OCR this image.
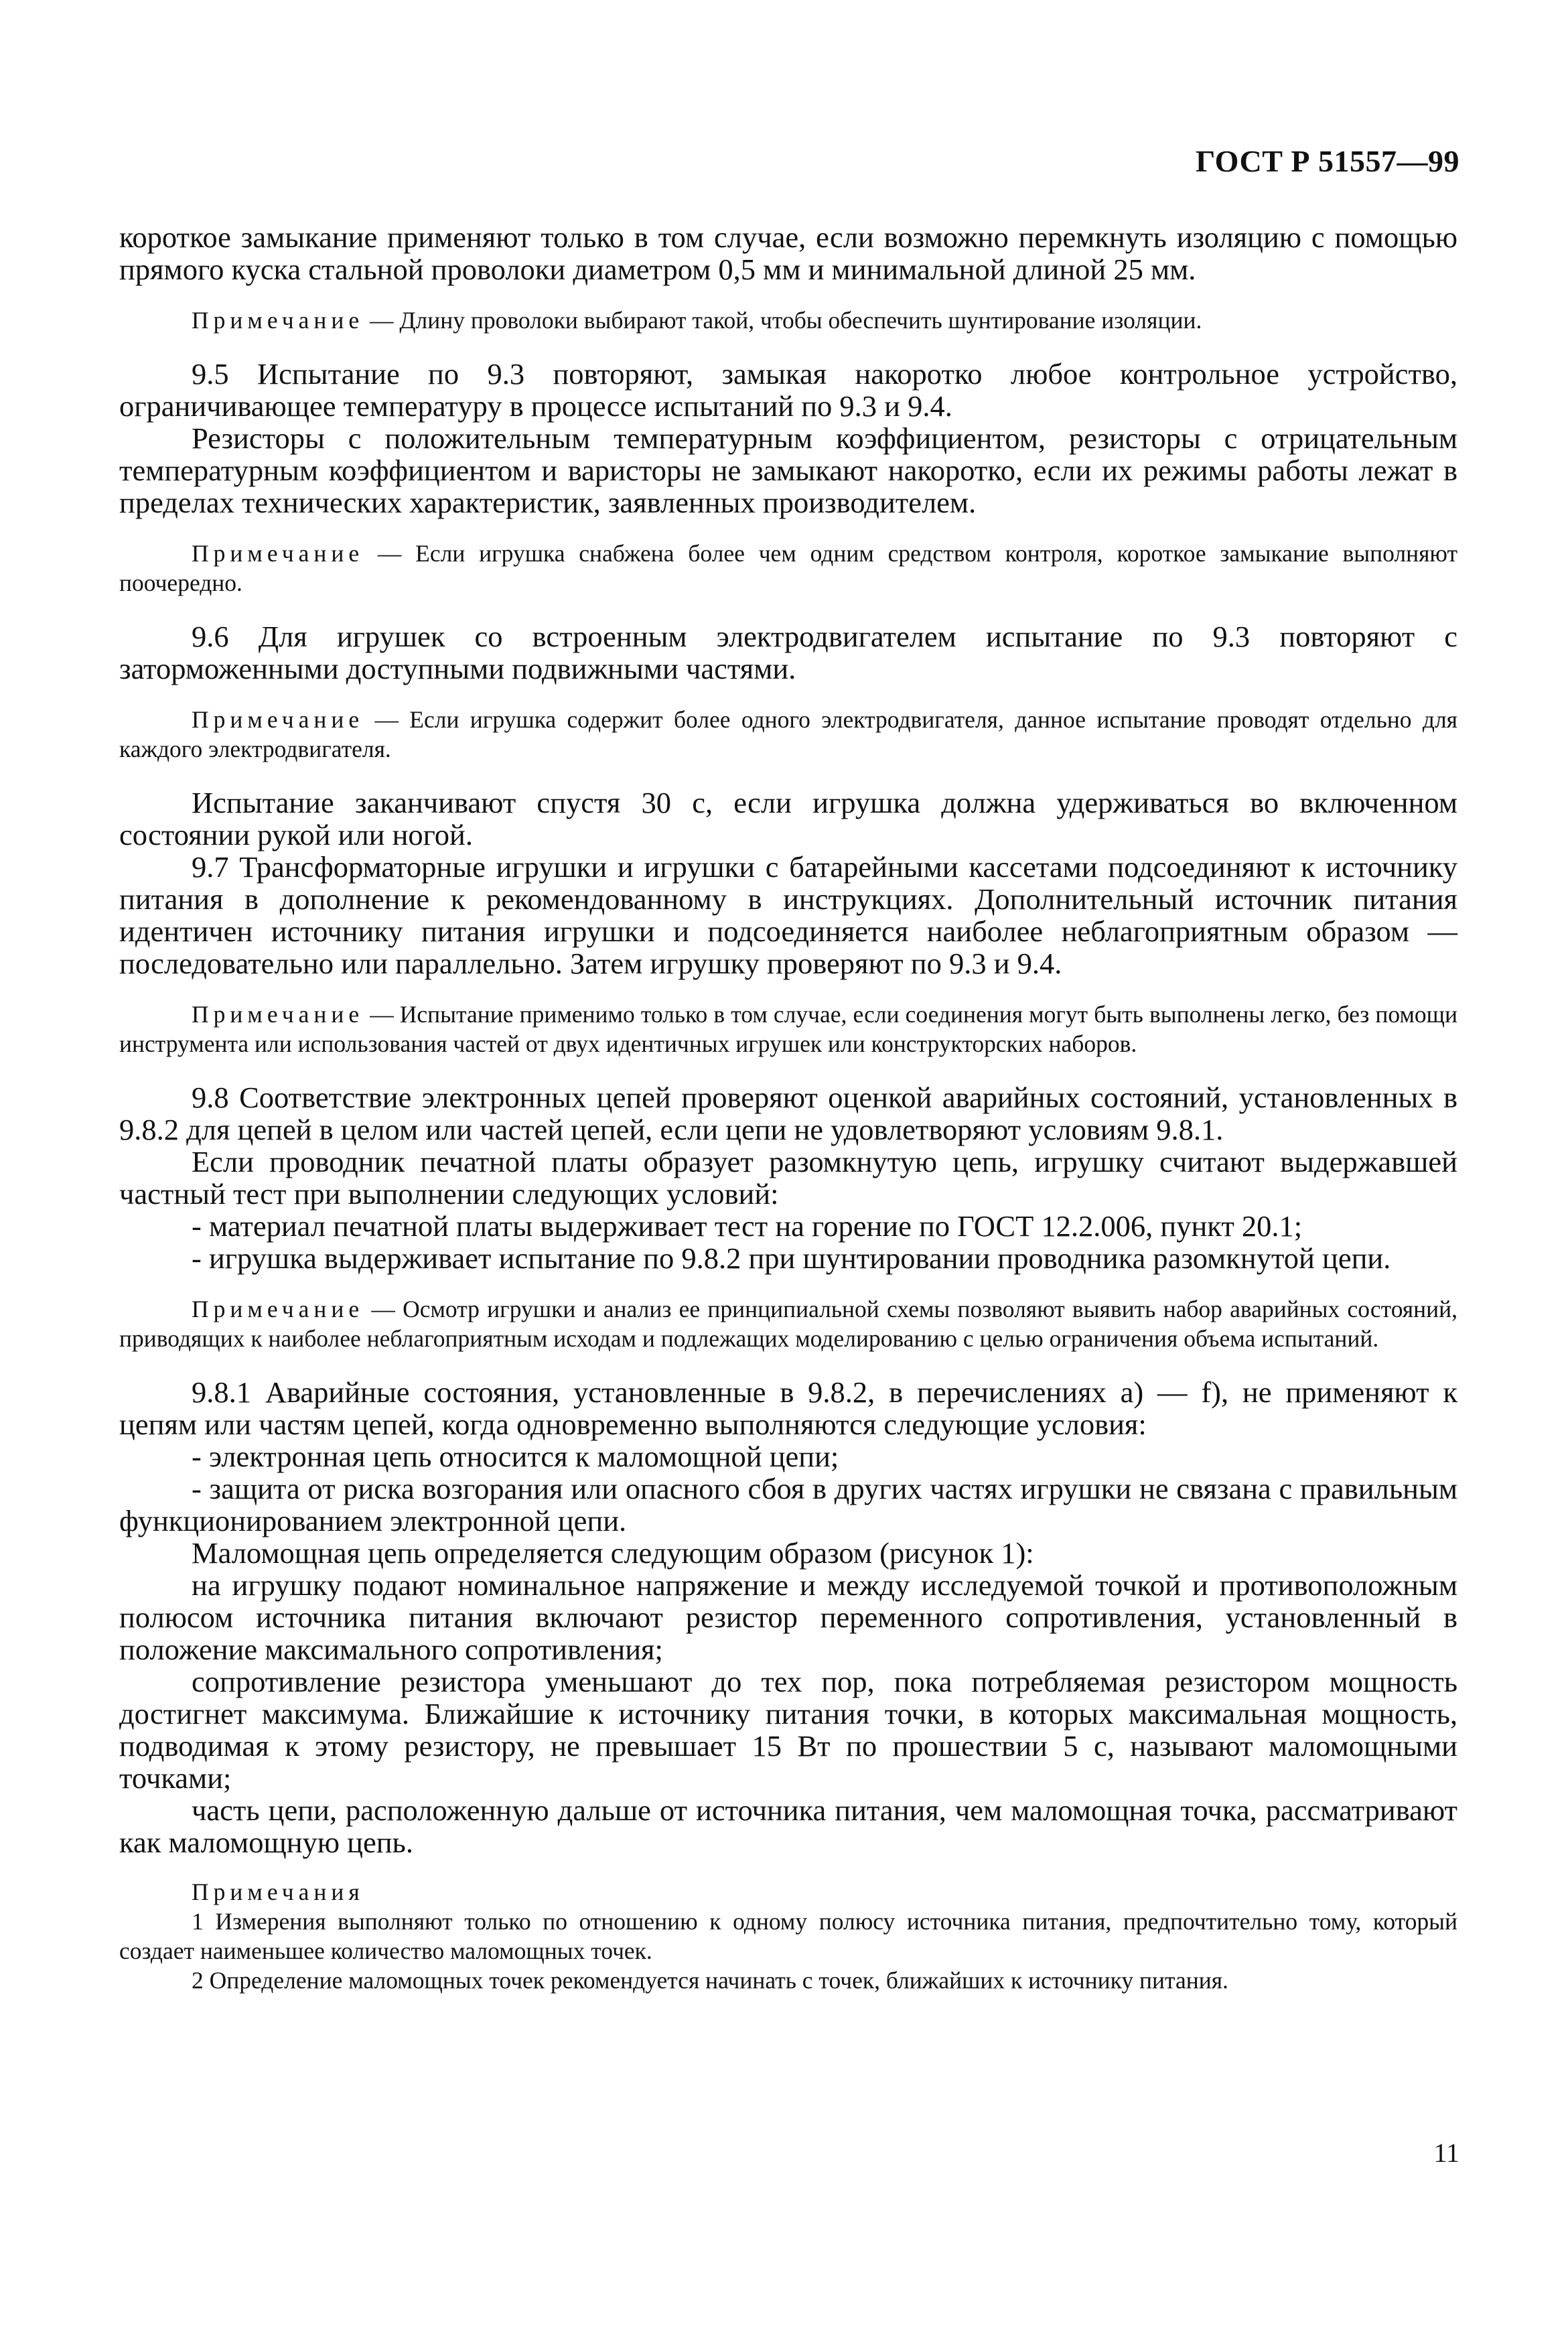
ГОСТ Р 51557—99

короткое замыкание применяют только в том случае, если возможно перемкнуть изоляцию с помощью прямого куска стальной проволоки диаметром 0,5 мм и минимальной длиной 25 мм.

Примечание — Длину проволоки выбирают такой, чтобы обеспечить шунтирование изоляции.

9.5 Испытание по 9.3 повторяют, замыкая накоротко любое контрольное устройство, ограничивающее температуру в процессе испытаний по 9.3 и 9.4.

Резисторы с положительным температурным коэффициентом, резисторы с отрицательным температурным коэффициентом и варисторы не замыкают накоротко, если их режимы работы лежат в пределах технических характеристик, заявленных производителем.

Примечание — Если игрушка снабжена более чем одним средством контроля, короткое замыкание выполняют поочередно.

9.6 Для игрушек со встроенным электродвигателем испытание по 9.3 повторяют с заторможенными доступными подвижными частями.

Примечание — Если игрушка содержит более одного электродвигателя, данное испытание проводят отдельно для каждого электродвигателя.

Испытание заканчивают спустя 30 с, если игрушка должна удерживаться во включенном состоянии рукой или ногой.

9.7 Трансформаторные игрушки и игрушки с батарейными кассетами подсоединяют к источнику питания в дополнение к рекомендованному в инструкциях. Дополнительный источник питания идентичен источнику питания игрушки и подсоединяется наиболее неблагоприятным образом — последовательно или параллельно. Затем игрушку проверяют по 9.3 и 9.4.

Примечание — Испытание применимо только в том случае, если соединения могут быть выполнены легко, без помощи инструмента или использования частей от двух идентичных игрушек или конструкторских наборов.

9.8 Соответствие электронных цепей проверяют оценкой аварийных состояний, установленных в 9.8.2 для цепей в целом или частей цепей, если цепи не удовлетворяют условиям 9.8.1.

Если проводник печатной платы образует разомкнутую цепь, игрушку считают выдержавшей частный тест при выполнении следующих условий:

- материал печатной платы выдерживает тест на горение по ГОСТ 12.2.006, пункт 20.1;

- игрушка выдерживает испытание по 9.8.2 при шунтировании проводника разомкнутой цепи.

Примечание — Осмотр игрушки и анализ ее принципиальной схемы позволяют выявить набор аварийных состояний, приводящих к наиболее неблагоприятным исходам и подлежащих моделированию с целью ограничения объема испытаний.

9.8.1 Аварийные состояния, установленные в 9.8.2, в перечислениях а) — f), не применяют к цепям или частям цепей, когда одновременно выполняются следующие условия:

- электронная цепь относится к маломощной цепи;

- защита от риска возгорания или опасного сбоя в других частях игрушки не связана с правильным функционированием электронной цепи.

Маломощная цепь определяется следующим образом (рисунок 1):

на игрушку подают номинальное напряжение и между исследуемой точкой и противоположным полюсом источника питания включают резистор переменного сопротивления, установленный в положение максимального сопротивления;

сопротивление резистора уменьшают до тех пор, пока потребляемая резистором мощность достигнет максимума. Ближайшие к источнику питания точки, в которых максимальная мощность, подводимая к этому резистору, не превышает 15 Вт по прошествии 5 с, называют маломощными точками;

часть цепи, расположенную дальше от источника питания, чем маломощная точка, рассматривают как маломощную цепь.

Примечания

1 Измерения выполняют только по отношению к одному полюсу источника питания, предпочтительно тому, который создает наименьшее количество маломощных точек.

2 Определение маломощных точек рекомендуется начинать с точек, ближайших к источнику питания.

11
